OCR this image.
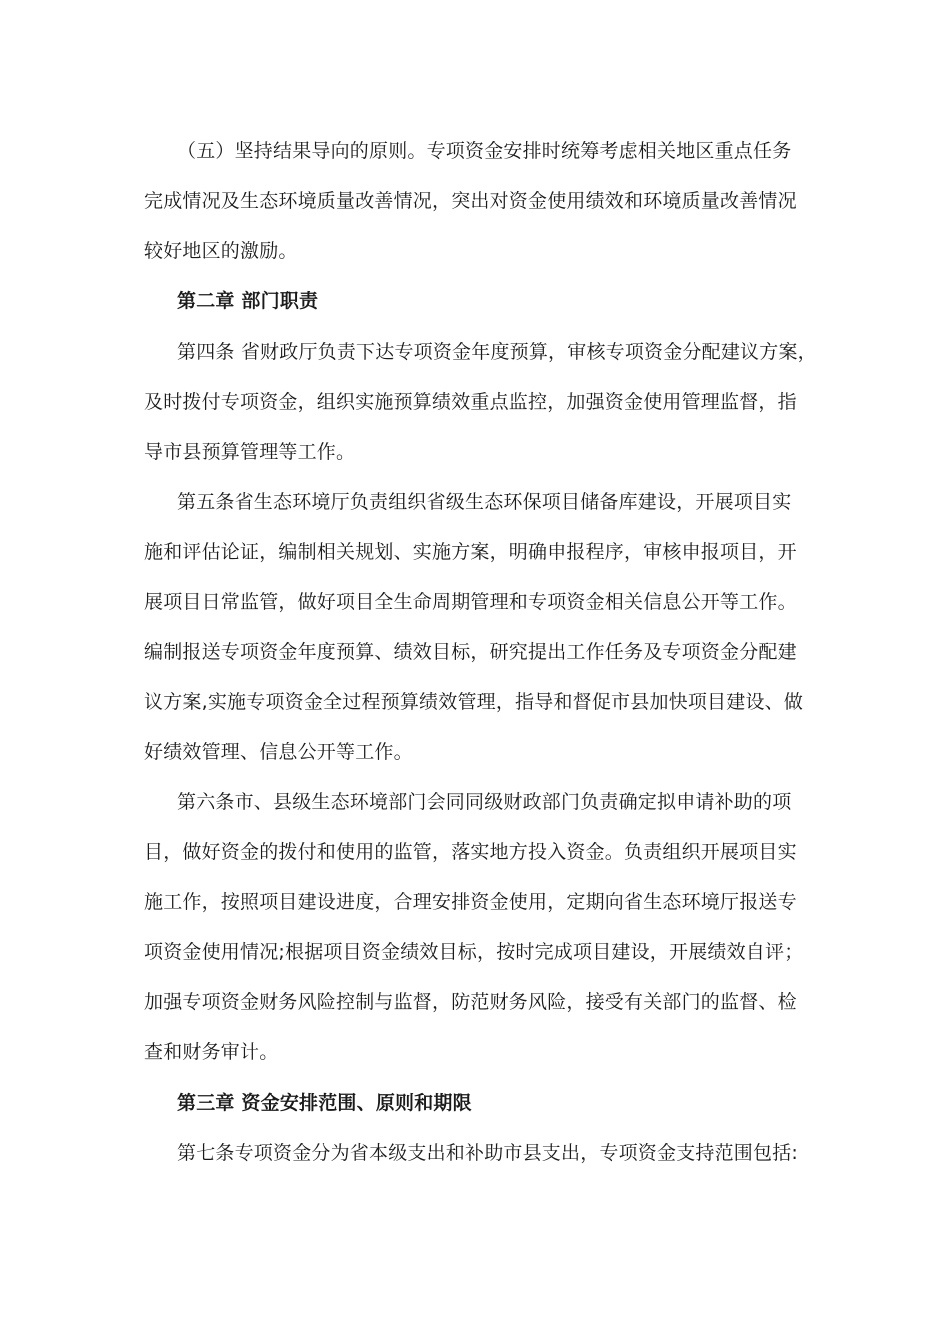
（五）坚持结果导向的原则。专项资金安排时统筹考虑相关地区重点任务
完成情况及生态环境质量改善情况，突出对资金使用绩效和环境质量改善情况
较好地区的激励。
第二章 部门职责
第四条 省财政厅负责下达专项资金年度预算，审核专项资金分配建议方案，
及时拨付专项资金，组织实施预算绩效重点监控，加强资金使用管理监督，指
导市县预算管理等工作。
第五条省生态环境厅负责组织省级生态环保项目储备库建设，开展项目实
施和评估论证，编制相关规划、实施方案，明确申报程序，审核申报项目，开
展项目日常监管，做好项目全生命周期管理和专项资金相关信息公开等工作。
编制报送专项资金年度预算、绩效目标，研究提出工作任务及专项资金分配建
议方案,实施专项资金全过程预算绩效管理，指导和督促市县加快项目建设、做
好绩效管理、信息公开等工作。
第六条市、县级生态环境部门会同同级财政部门负责确定拟申请补助的项
目，做好资金的拨付和使用的监管，落实地方投入资金。负责组织开展项目实
施工作，按照项目建设进度，合理安排资金使用，定期向省生态环境厅报送专
项资金使用情况;根据项目资金绩效目标，按时完成项目建设，开展绩效自评；
加强专项资金财务风险控制与监督，防范财务风险，接受有关部门的监督、检
查和财务审计。
第三章 资金安排范围、原则和期限
第七条专项资金分为省本级支出和补助市县支出，专项资金支持范围包括:
